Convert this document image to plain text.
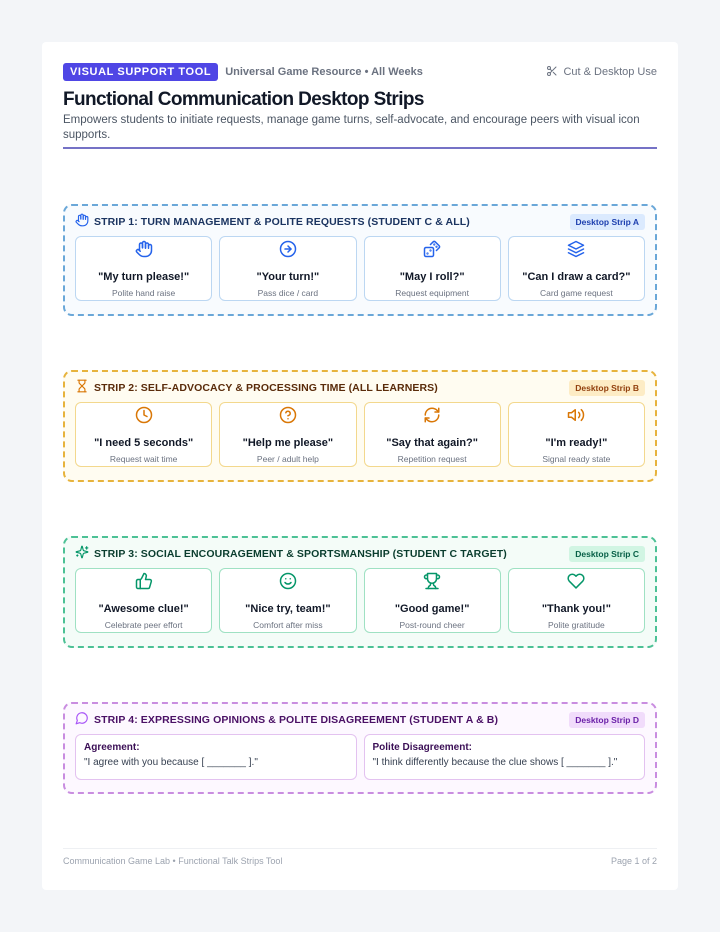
VISUAL SUPPORT TOOL	Universal Game Resource • All Weeks	Cut & Desktop Use
Functional Communication Desktop Strips
Empowers students to initiate requests, manage game turns, self-advocate, and encourage peers with visual icon supports.
STRIP 1: TURN MANAGEMENT & POLITE REQUESTS (STUDENT C & ALL)	Desktop Strip A
"My turn please!"
Polite hand raise
"Your turn!"
Pass dice / card
"May I roll?"
Request equipment
"Can I draw a card?"
Card game request
STRIP 2: SELF-ADVOCACY & PROCESSING TIME (ALL LEARNERS)	Desktop Strip B
"I need 5 seconds"
Request wait time
"Help me please"
Peer / adult help
"Say that again?"
Repetition request
"I'm ready!"
Signal ready state
STRIP 3: SOCIAL ENCOURAGEMENT & SPORTSMANSHIP (STUDENT C TARGET)	Desktop Strip C
"Awesome clue!"
Celebrate peer effort
"Nice try, team!"
Comfort after miss
"Good game!"
Post-round cheer
"Thank you!"
Polite gratitude
STRIP 4: EXPRESSING OPINIONS & POLITE DISAGREEMENT (STUDENT A & B)	Desktop Strip D
Agreement:
"I agree with you because [ _______ ]."
Polite Disagreement:
"I think differently because the clue shows [ _______ ]."
Communication Game Lab • Functional Talk Strips Tool	Page 1 of 2
